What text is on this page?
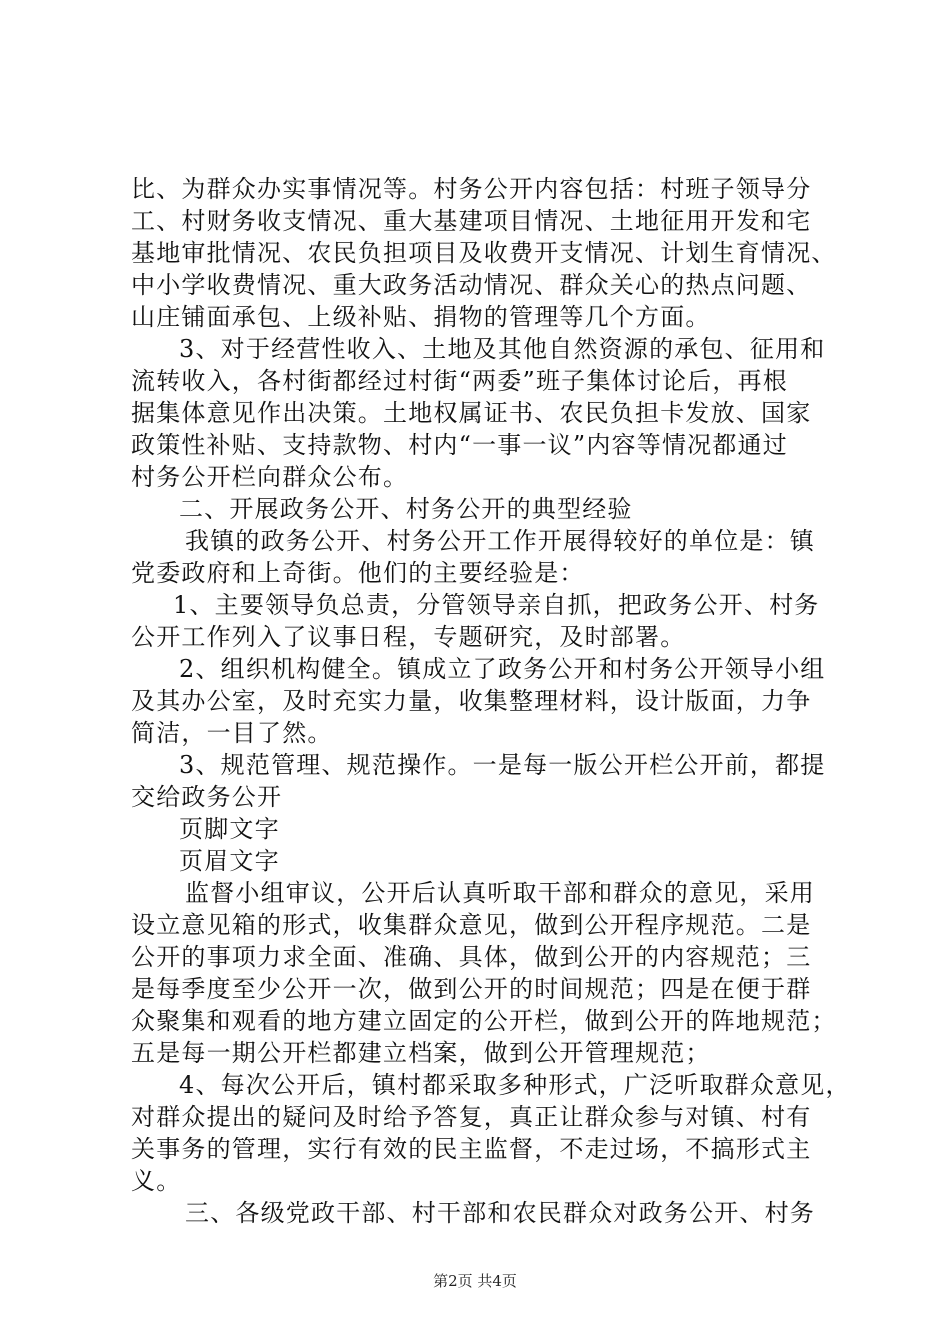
比、为群众办实事情况等。村务公开内容包括：村班子领导分
工、村财务收支情况、重大基建项目情况、土地征用开发和宅
基地审批情况、农民负担项目及收费开支情况、计划生育情况、
中小学收费情况、重大政务活动情况、群众关心的热点问题、
山庄铺面承包、上级补贴、捐物的管理等几个方面。
3、对于经营性收入、土地及其他自然资源的承包、征用和
流转收入，各村街都经过村街“两委”班子集体讨论后，再根
据集体意见作出决策。土地权属证书、农民负担卡发放、国家
政策性补贴、支持款物、村内“一事一议”内容等情况都通过
村务公开栏向群众公布。
二、开展政务公开、村务公开的典型经验
我镇的政务公开、村务公开工作开展得较好的单位是：镇
党委政府和上奇街。他们的主要经验是：
1、主要领导负总责，分管领导亲自抓，把政务公开、村务
公开工作列入了议事日程，专题研究，及时部署。
2、组织机构健全。镇成立了政务公开和村务公开领导小组
及其办公室，及时充实力量，收集整理材料，设计版面，力争
简洁，一目了然。
3、规范管理、规范操作。一是每一版公开栏公开前，都提
交给政务公开
页脚文字
页眉文字
监督小组审议，公开后认真听取干部和群众的意见，采用
设立意见箱的形式，收集群众意见，做到公开程序规范。二是
公开的事项力求全面、准确、具体，做到公开的内容规范；三
是每季度至少公开一次，做到公开的时间规范；四是在便于群
众聚集和观看的地方建立固定的公开栏，做到公开的阵地规范；
五是每一期公开栏都建立档案，做到公开管理规范；
4、每次公开后，镇村都采取多种形式，广泛听取群众意见，
对群众提出的疑问及时给予答复，真正让群众参与对镇、村有
关事务的管理，实行有效的民主监督，不走过场，不搞形式主
义。
三、各级党政干部、村干部和农民群众对政务公开、村务
第2页 共4页
